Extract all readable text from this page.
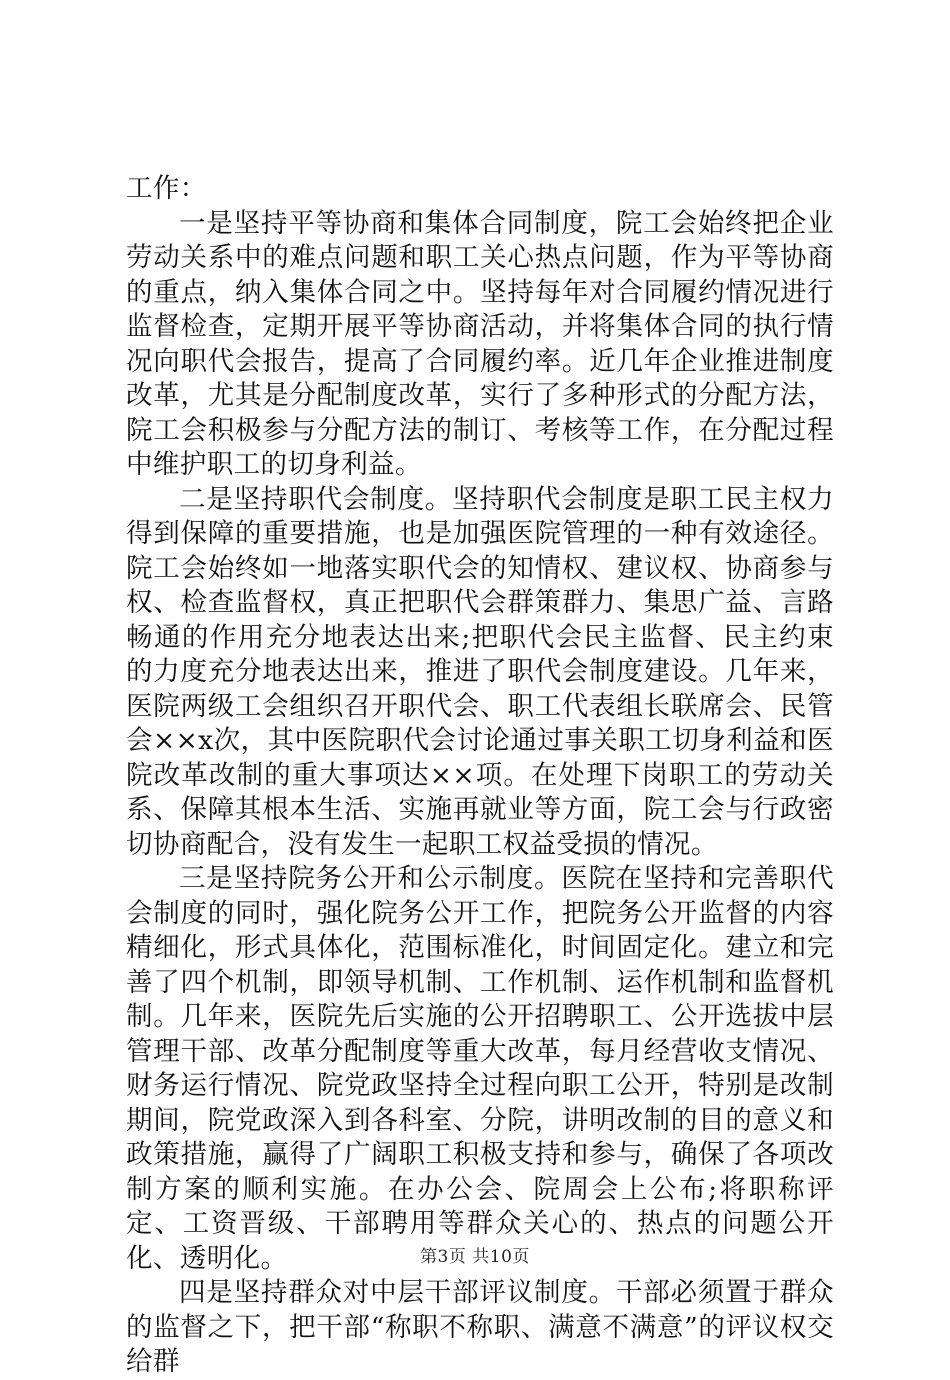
工作：

一是坚持平等协商和集体合同制度，院工会始终把企业劳动关系中的难点问题和职工关心热点问题，作为平等协商的重点，纳入集体合同之中。坚持每年对合同履约情况进行监督检查，定期开展平等协商活动，并将集体合同的执行情况向职代会报告，提高了合同履约率。近几年企业推进制度改革，尤其是分配制度改革，实行了多种形式的分配方法，院工会积极参与分配方法的制订、考核等工作，在分配过程中维护职工的切身利益。

二是坚持职代会制度。坚持职代会制度是职工民主权力得到保障的重要措施，也是加强医院管理的一种有效途径。院工会始终如一地落实职代会的知情权、建议权、协商参与权、检查监督权，真正把职代会群策群力、集思广益、言路畅通的作用充分地表达出来;把职代会民主监督、民主约束的力度充分地表达出来，推进了职代会制度建设。几年来，医院两级工会组织召开职代会、职工代表组长联席会、民管会××x次，其中医院职代会讨论通过事关职工切身利益和医院改革改制的重大事项达××项。在处理下岗职工的劳动关系、保障其根本生活、实施再就业等方面，院工会与行政密切协商配合，没有发生一起职工权益受损的情况。

三是坚持院务公开和公示制度。医院在坚持和完善职代会制度的同时，强化院务公开工作，把院务公开监督的内容精细化，形式具体化，范围标准化，时间固定化。建立和完善了四个机制，即领导机制、工作机制、运作机制和监督机制。几年来，医院先后实施的公开招聘职工、公开选拔中层管理干部、改革分配制度等重大改革，每月经营收支情况、财务运行情况、院党政坚持全过程向职工公开，特别是改制期间，院党政深入到各科室、分院，讲明改制的目的意义和政策措施，赢得了广阔职工积极支持和参与，确保了各项改制方案的顺利实施。在办公会、院周会上公布;将职称评定、工资晋级、干部聘用等群众关心的、热点的问题公开化、透明化。

四是坚持群众对中层干部评议制度。干部必须置于群众的监督之下，把干部“称职不称职、满意不满意”的评议权交给群

第3页 共10页
